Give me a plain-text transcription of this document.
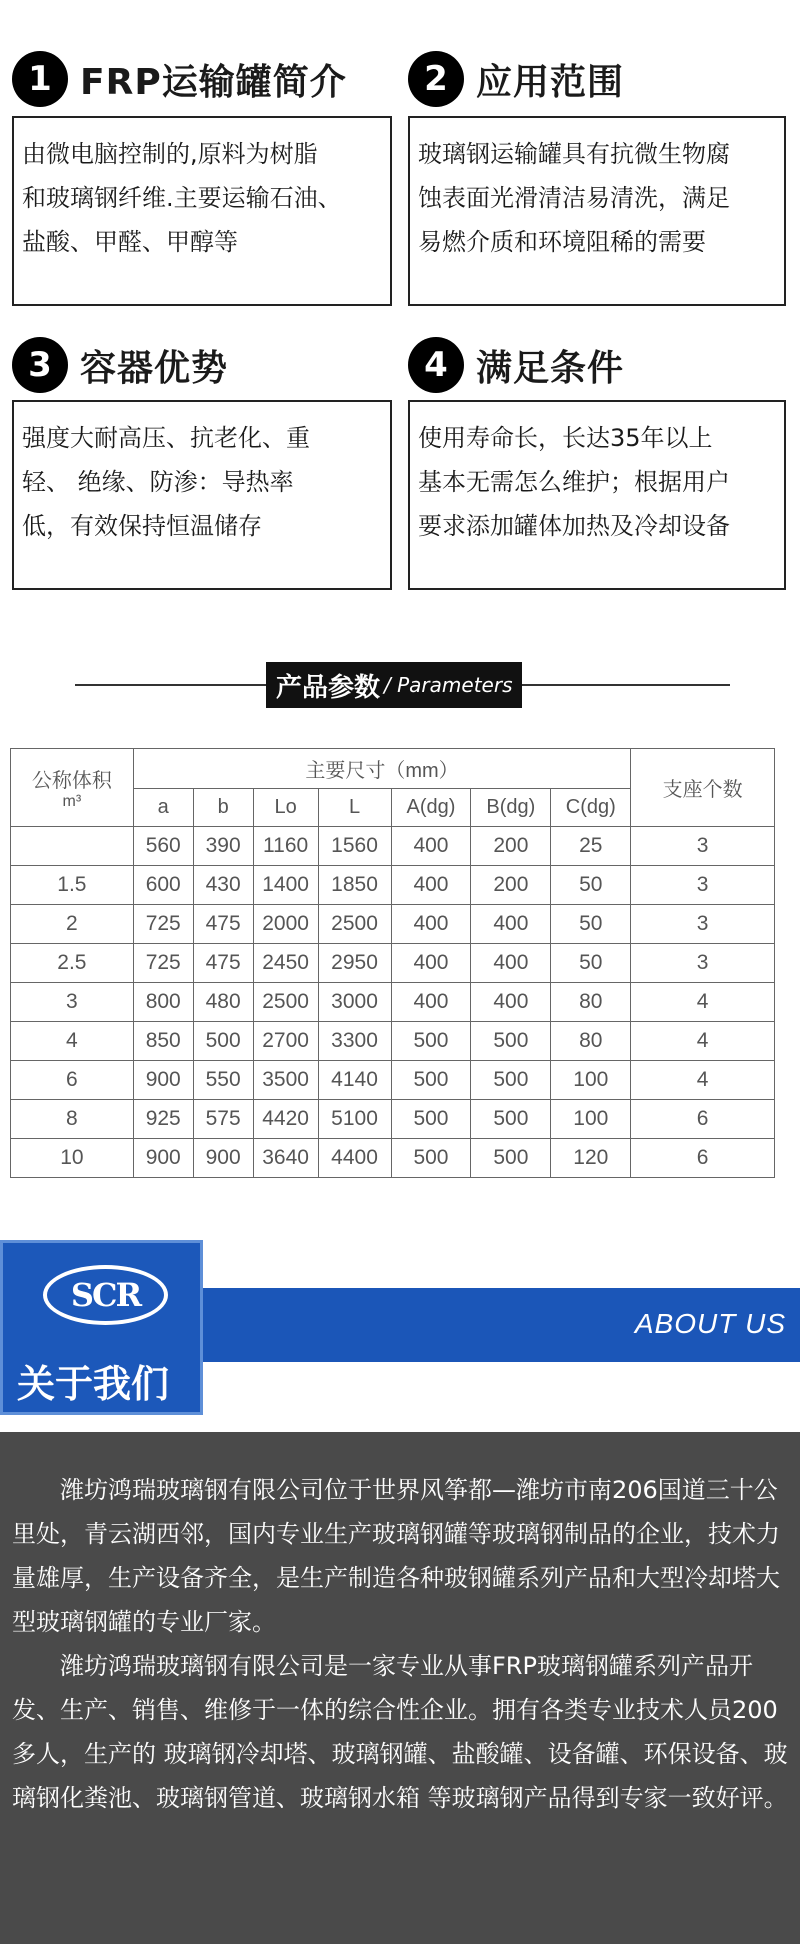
1 FRP运输罐简介
由微电脑控制的,原料为树脂
和玻璃钢纤维.主要运输石油、
盐酸、甲醛、甲醇等
2 应用范围
玻璃钢运输罐具有抗微生物腐
蚀表面光滑清洁易清洗，满足
易燃介质和环境阻稀的需要
3 容器优势
强度大耐高压、抗老化、重
轻、 绝缘、防渗：导热率
低，有效保持恒温储存
4 满足条件
使用寿命长，长达35年以上
基本无需怎么维护；根据用户
要求添加罐体加热及冷却设备
产品参数 / Parameters
公称体积
m³	主要尺寸（mm）							支座个数
	a	b	Lo	L	A(dg)	B(dg)	C(dg)	
	560	390	1160	1560	400	200	25	3
1.5	600	430	1400	1850	400	200	50	3
2	725	475	2000	2500	400	400	50	3
2.5	725	475	2450	2950	400	400	50	3
3	800	480	2500	3000	400	400	80	4
4	850	500	2700	3300	500	500	80	4
6	900	550	3500	4140	500	500	100	4
8	925	575	4420	5100	500	500	100	6
10	900	900	3640	4400	500	500	120	6
ABOUT US
SCR
关于我们

潍坊鸿瑞玻璃钢有限公司位于世界风筝都—潍坊市南206国道三十公里处，青云湖西邻，国内专业生产玻璃钢罐等玻璃钢制品的企业，技术力量雄厚，生产设备齐全，是生产制造各种玻钢罐系列产品和大型冷却塔大型玻璃钢罐的专业厂家。

潍坊鸿瑞玻璃钢有限公司是一家专业从事FRP玻璃钢罐系列产品开发、生产、销售、维修于一体的综合性企业。拥有各类专业技术人员200多人，生产的 玻璃钢冷却塔、玻璃钢罐、盐酸罐、设备罐、环保设备、玻璃钢化粪池、玻璃钢管道、玻璃钢水箱 等玻璃钢产品得到专家一致好评。
